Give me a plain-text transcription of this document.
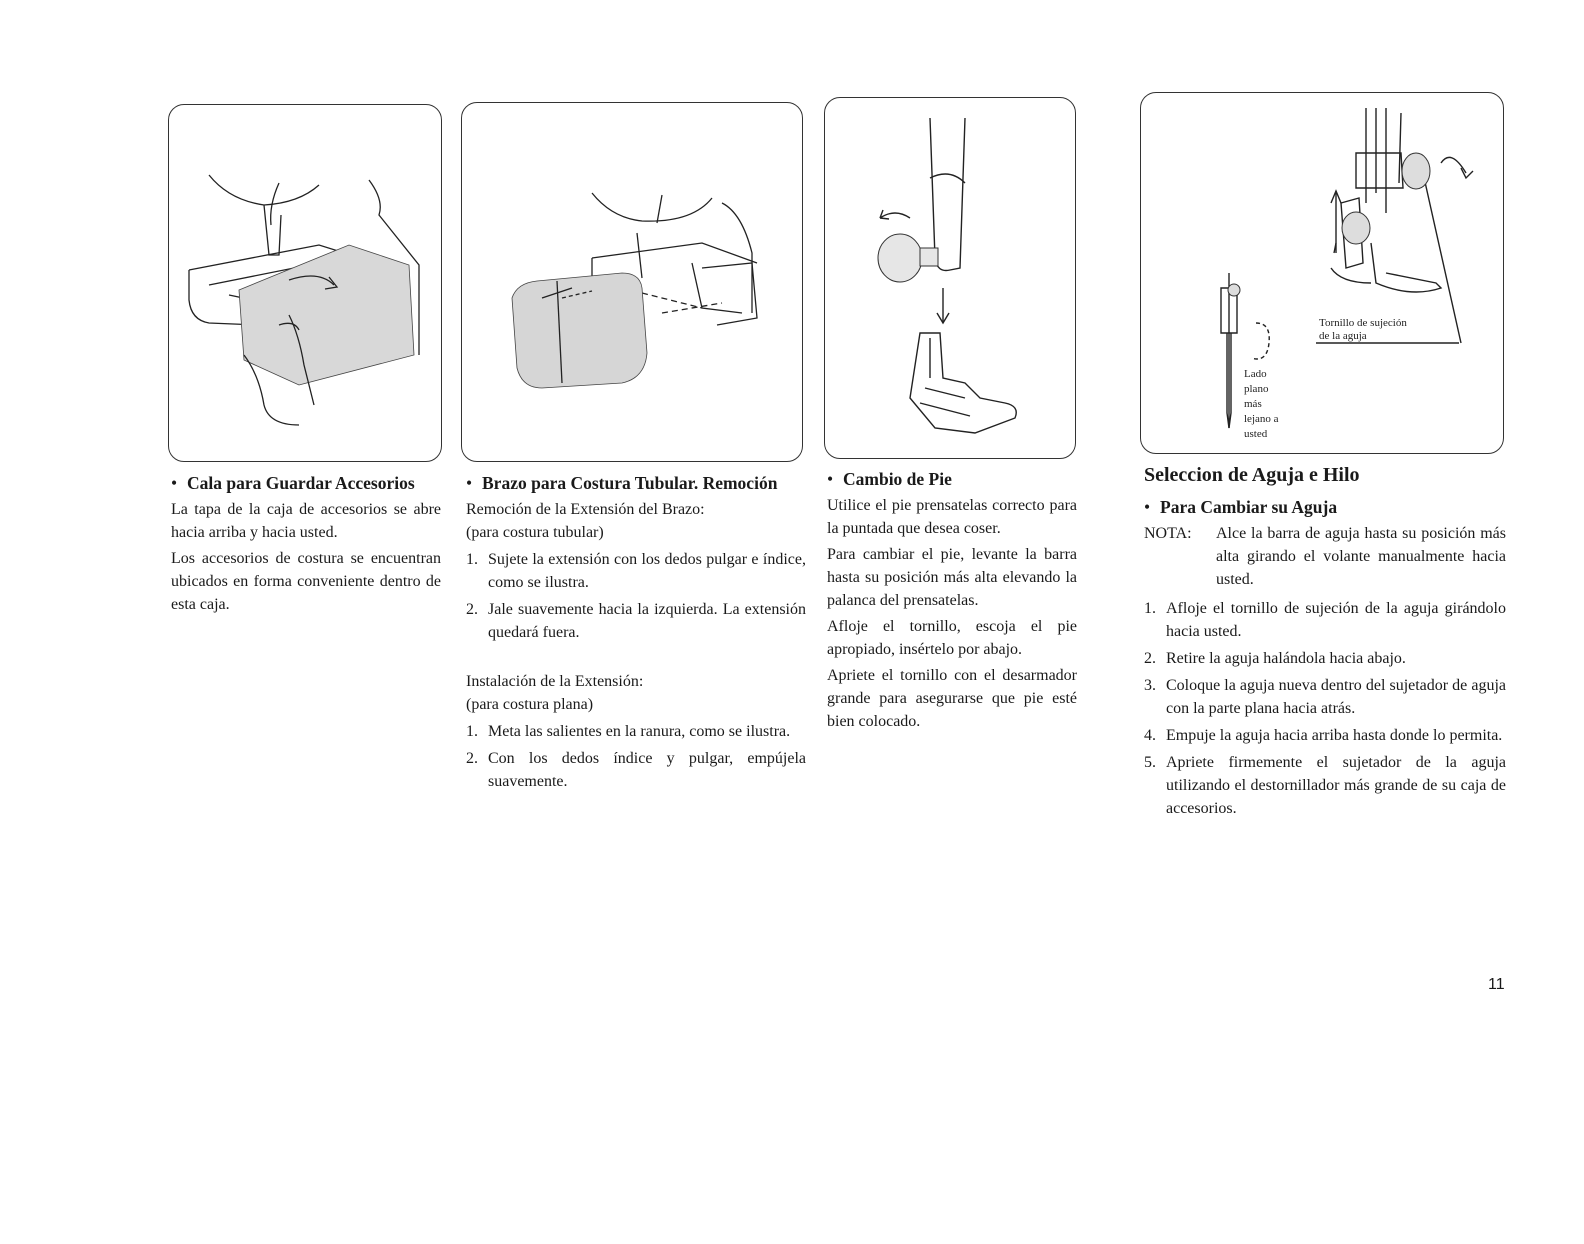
Tornillo de sujeción
de la aguja
Lado
plano
más
lejano a
usted
• Cala para Guardar Accesorios

La tapa de la caja de accesorios se abre hacia arriba y hacia usted.

Los accesorios de costura se encuentran ubicados en forma conveniente dentro de esta caja.

• Brazo para Costura Tubular. Remoción

Remoción de la Extensión del Brazo:

(para costura tubular)

1. Sujete la extensión con los dedos pulgar e índice, como se ilustra.
2. Jale suavemente hacia la izquierda. La extensión quedará fuera.

Instalación de la Extensión:

(para costura plana)

1. Meta las salientes en la ranura, como se ilustra.
2. Con los dedos índice y pulgar, empújela suavemente.
• Cambio de Pie

Utilice el pie prensatelas correcto para la puntada que desea coser.

Para cambiar el pie, levante la barra hasta su posición más alta elevando la palanca del prensatelas.

Afloje el tornillo, escoja el pie apropiado, insértelo por abajo.

Apriete el tornillo con el desarmador grande para asegurarse que pie esté bien colocado.

Seleccion de Aguja e Hilo
• Para Cambiar su Aguja
NOTA:	Alce la barra de aguja hasta su posición más alta girando el volante manualmente hacia usted.
1. Afloje el tornillo de sujeción de la aguja girándolo hacia usted.
2. Retire la aguja halándola hacia abajo.
3. Coloque la aguja nueva dentro del sujetador de aguja con la parte plana hacia atrás.
4. Empuje la aguja hacia arriba hasta donde lo permita.
5. Apriete firmemente el sujetador de la aguja utilizando el destornillador más grande de su caja de accesorios.
11
